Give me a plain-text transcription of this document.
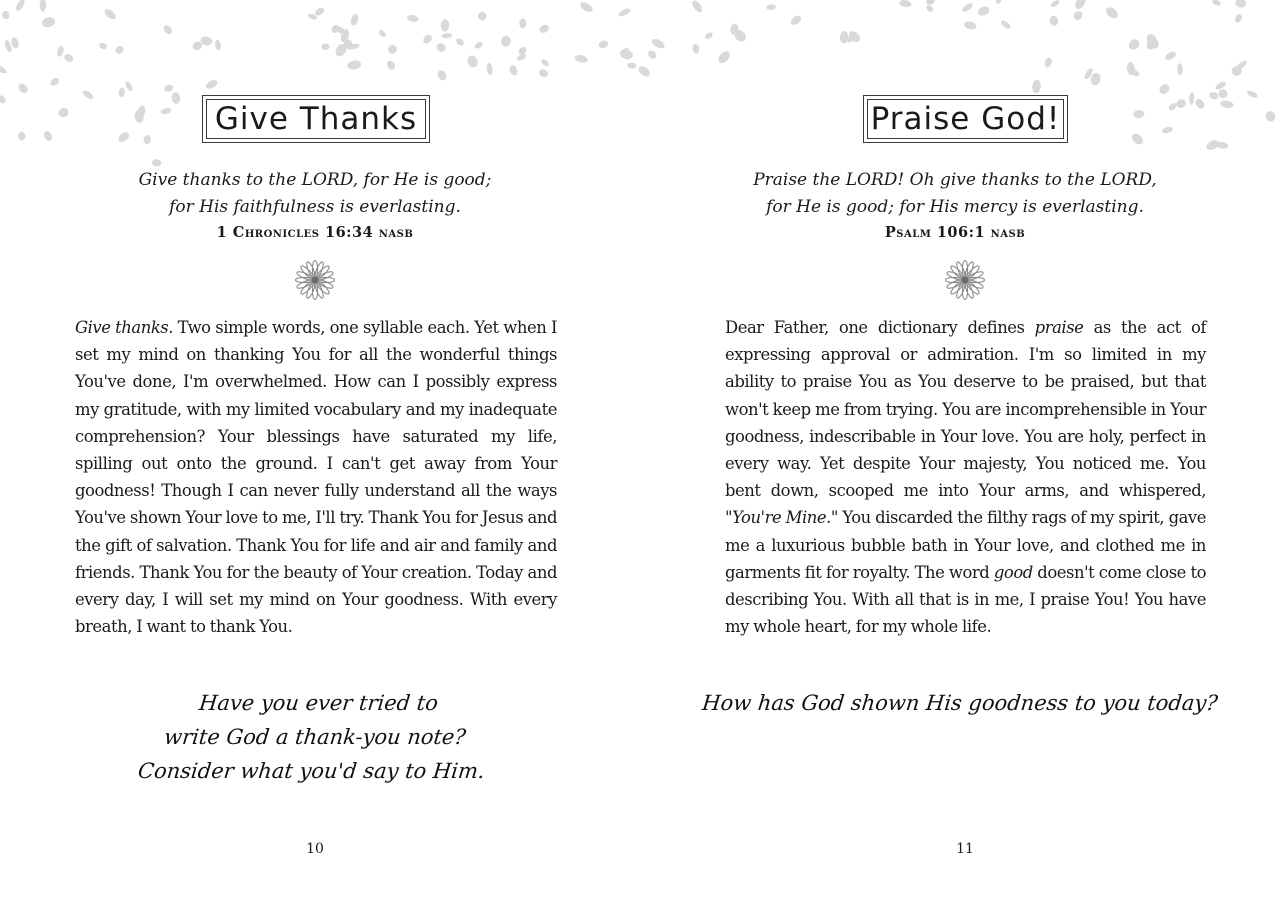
Give Thanks
Give thanks to the LORD, for He is good;
for His faithfulness is everlasting.
1 Chronicles 16:34 nasb
Give thanks. Two simple words, one syllable each. Yet when I set my mind on thanking You for all the wonderful things You've done, I'm overwhelmed. How can I possibly express my gratitude, with my limited vocabulary and my inadequate comprehension? Your blessings have saturated my life, spilling out onto the ground. I can't get away from Your goodness! Though I can never fully understand all the ways You've shown Your love to me, I'll try. Thank You for Jesus and the gift of salvation. Thank You for life and air and family and friends. Thank You for the beauty of Your creation. Today and every day, I will set my mind on Your goodness. With every breath, I want to thank You.
Have you ever tried to
write God a thank-you note?
Consider what you'd say to Him.
10
Praise God!
Praise the LORD! Oh give thanks to the LORD,
for He is good; for His mercy is everlasting.
Psalm 106:1 nasb
Dear Father, one dictionary defines praise as the act of expressing approval or admiration. I'm so limited in my ability to praise You as You deserve to be praised, but that won't keep me from trying. You are incomprehensible in Your goodness, indescribable in Your love. You are holy, perfect in every way. Yet despite Your majesty, You noticed me. You bent down, scooped me into Your arms, and whispered, "You're Mine." You discarded the filthy rags of my spirit, gave me a luxurious bubble bath in Your love, and clothed me in garments fit for royalty. The word good doesn't come close to describing You. With all that is in me, I praise You! You have my whole heart, for my whole life.
How has God shown His goodness to you today?
11
